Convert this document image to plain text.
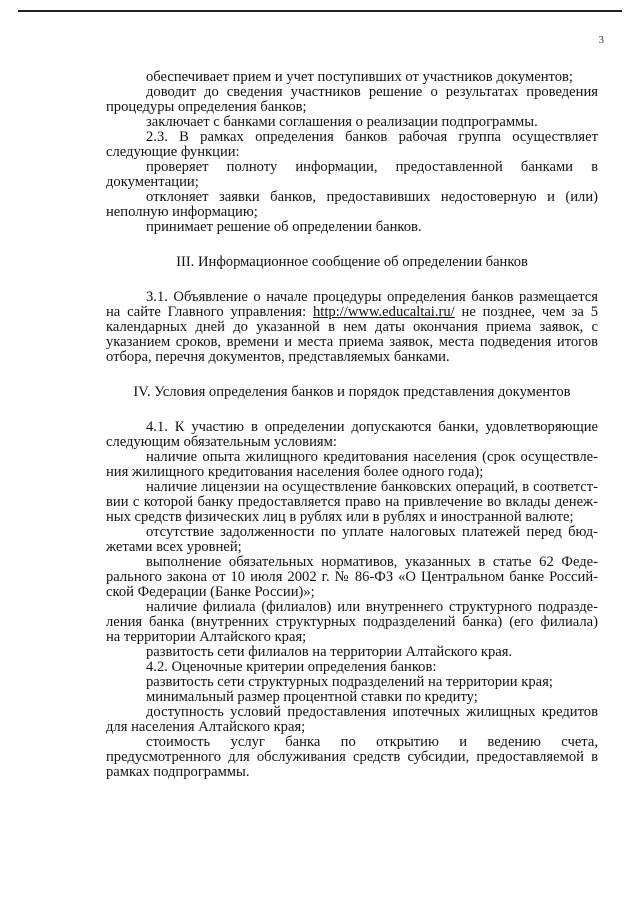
3
обеспечивает прием и учет поступивших от участников документов;
доводит до сведения участников решение о результатах проведения
процедуры определения банков;
заключает с банками соглашения о реализации подпрограммы.
2.3. В рамках определения банков рабочая группа осуществляет
следующие функции:
проверяет полноту информации, предоставленной банками в
документации;
отклоняет заявки банков, предоставивших недостоверную и (или)
неполную информацию;
принимает решение об определении банков.
III. Информационное сообщение об определении банков
3.1. Объявление о начале процедуры определения банков размещается
на сайте Главного управления: http://www.educaltai.ru/ не позднее, чем за 5
календарных дней до указанной в нем даты окончания приема заявок, с
указанием сроков, времени и места приема заявок, места подведения итогов
отбора, перечня документов, представляемых банками.
IV. Условия определения банков и порядок представления документов
4.1. К участию в определении допускаются банки, удовлетворяющие
следующим обязательным условиям:
наличие опыта жилищного кредитования населения (срок осуществле-
ния жилищного кредитования населения более одного года);
наличие лицензии на осуществление банковских операций, в соответст-
вии с которой банку предоставляется право на привлечение во вклады денеж-
ных средств физических лиц в рублях или в рублях и иностранной валюте;
отсутствие задолженности по уплате налоговых платежей перед бюд-
жетами всех уровней;
выполнение обязательных нормативов, указанных в статье 62 Феде-
рального закона от 10 июля 2002 г. № 86-ФЗ «О Центральном банке Россий-
ской Федерации (Банке России)»;
наличие филиала (филиалов) или внутреннего структурного подразде-
ления банка (внутренних структурных подразделений банка) (его филиала)
на территории Алтайского края;
развитость сети филиалов на территории Алтайского края.
4.2. Оценочные критерии определения банков:
развитость сети структурных подразделений на территории края;
минимальный размер процентной ставки по кредиту;
доступность условий предоставления ипотечных жилищных кредитов
для населения Алтайского края;
стоимость услуг банка по открытию и ведению счета,
предусмотренного для обслуживания средств субсидии, предоставляемой в
рамках подпрограммы.
